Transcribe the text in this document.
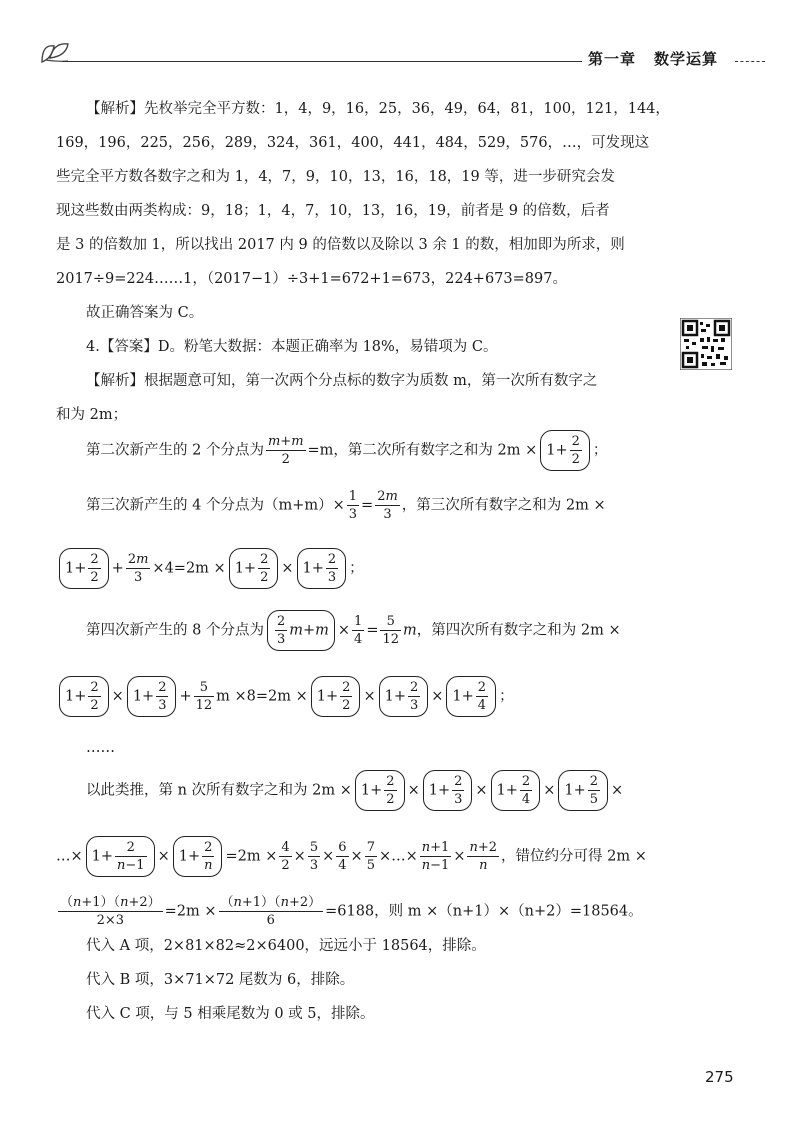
第一章 数学运算
【解析】先枚举完全平方数：1，4，9，16，25，36，49，64，81，100，121，144，
169，196，225，256，289，324，361，400，441，484，529，576，…，可发现这
些完全平方数各数字之和为 1，4，7，9，10，13，16，18，19 等，进一步研究会发
现这些数由两类构成：9，18；1，4，7，10，13，16，19，前者是 9 的倍数，后者
是 3 的倍数加 1，所以找出 2017 内 9 的倍数以及除以 3 余 1 的数，相加即为所求，则
2017÷9=224……1，（2017−1）÷3+1=672+1=673，224+673=897。
故正确答案为 C。
4.【答案】D。粉笔大数据：本题正确率为 18%，易错项为 C。
【解析】根据题意可知，第一次两个分点标的数字为质数 m，第一次所有数字之
和为 2m；
第二次新产生的 2 个分点为 $\frac{m+m}{2} =m$，第二次所有数字之和为 $2m \times 1+ \frac{2}{2}$ ；
第三次新产生的 4 个分点为$(m+m)\times \frac{1}{3} = \frac{2m}{3}$ ，第三次所有数字之和为 2m ×
$1+ \frac{2}{2} + \frac{2m}{3} \times 4=2m \times 1+ \frac{2}{2} \times 1+ \frac{2}{3}$ ；
第四次新产生的 8 个分点为 $\frac{2}{3} m+m \times \frac{1}{4} = \frac{5}{12}$ m，第四次所有数字之和为 2m ×
$1+ \frac{2}{2} \times 1+ \frac{2}{3} + \frac{5}{12}$ $m \times 8=2m \times 1+ \frac{2}{2} \times 1+ \frac{2}{3} \times 1+ \frac{2}{4}$ ；
……
以此类推，第 n 次所有数字之和为 $2m \times 1+ \frac{2}{2} \times 1+ \frac{2}{3} \times 1+ \frac{2}{4} \times 1+ \frac{2}{5}$ ×
…× $1+ \frac{2}{n-1} \times 1+ \frac{2}{n} =2m \times \frac{4}{2} \times \frac{5}{3} \times \frac{6}{4} \times \frac{7}{5}$ ×…× $\frac{n+1}{n-1} \times \frac{n+2}{n}$ ，错位约分可得 2m ×
$\frac{(n+1)(n+2)}{2\times 3} =2m \times \frac{(n+1)(n+2)}{6} =6188$，则 m ×（n+1）×（n+2）=18564。
代入 A 项，2×81×82≈2×6400，远远小于 18564，排除。
代入 B 项，3×71×72 尾数为 6，排除。
代入 C 项，与 5 相乘尾数为 0 或 5，排除。
275
